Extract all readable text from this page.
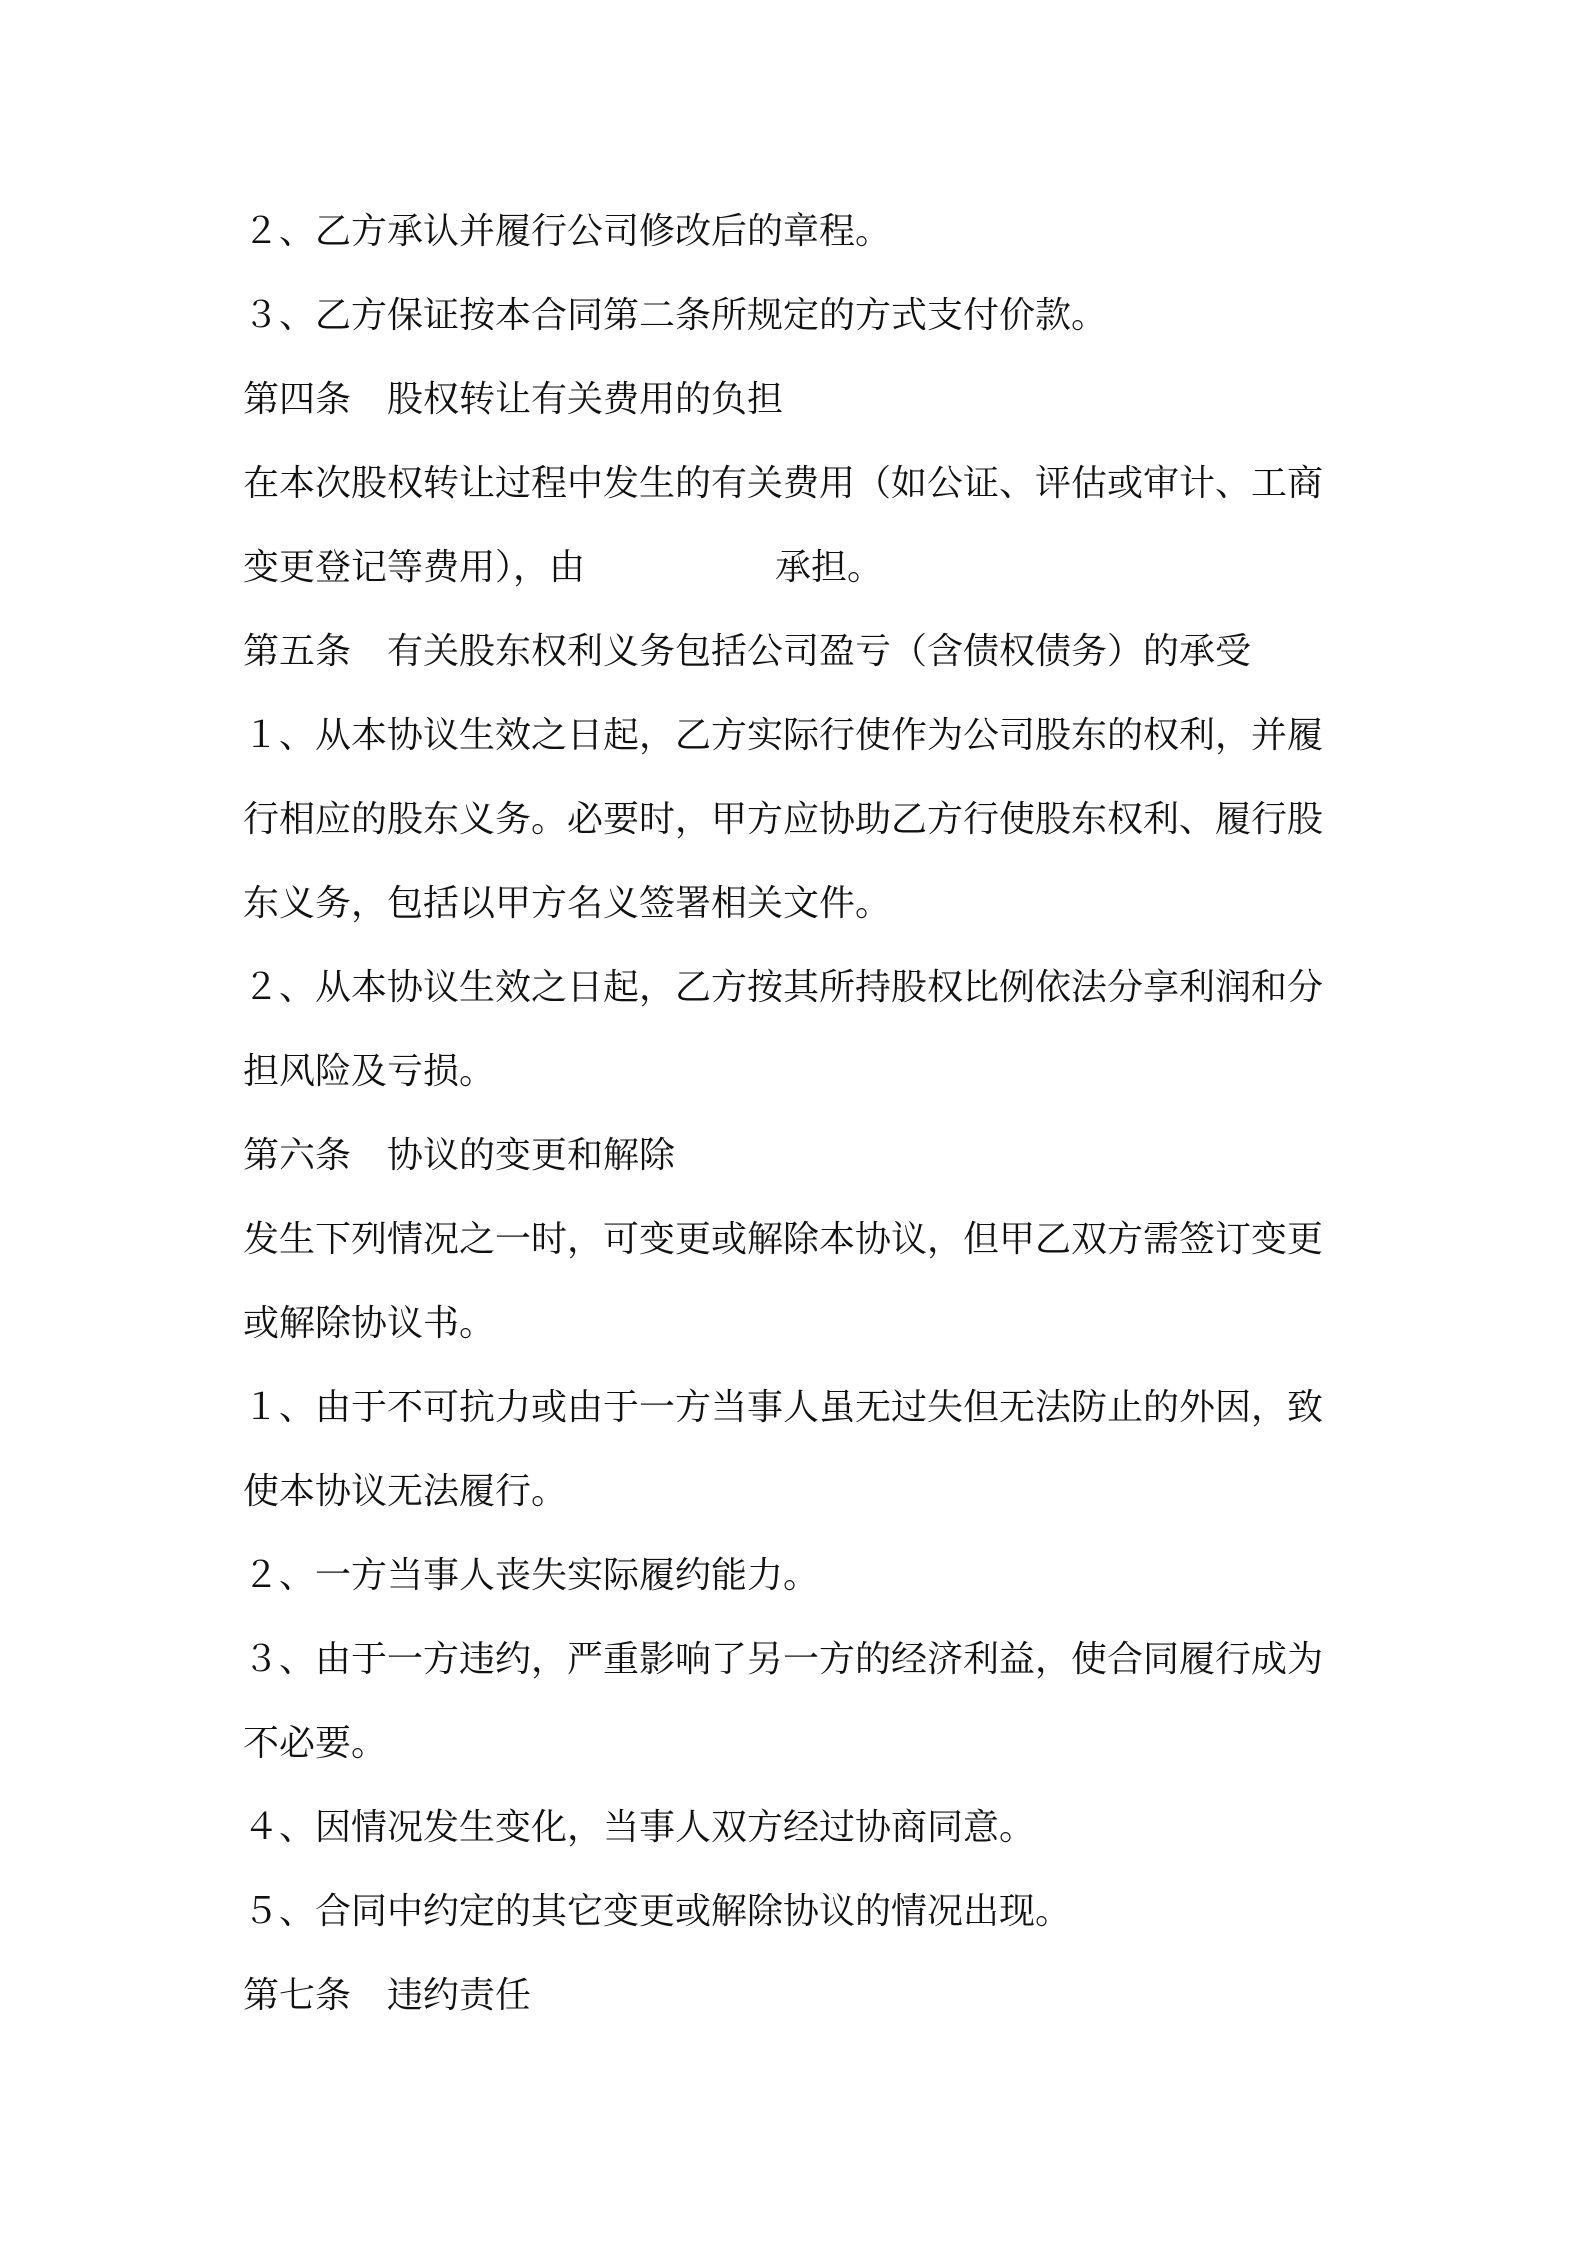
２、乙方承认并履行公司修改后的章程。
３、乙方保证按本合同第二条所规定的方式支付价款。
第四条 股权转让有关费用的负担
在本次股权转让过程中发生的有关费用（如公证、评估或审计、工商
变更登记等费用），由	承担。
第五条 有关股东权利义务包括公司盈亏（含债权债务）的承受
１、从本协议生效之日起，乙方实际行使作为公司股东的权利，并履
行相应的股东义务。必要时，甲方应协助乙方行使股东权利、履行股
东义务，包括以甲方名义签署相关文件。
２、从本协议生效之日起，乙方按其所持股权比例依法分享利润和分
担风险及亏损。
第六条 协议的变更和解除
发生下列情况之一时，可变更或解除本协议，但甲乙双方需签订变更
或解除协议书。
１、由于不可抗力或由于一方当事人虽无过失但无法防止的外因，致
使本协议无法履行。
２、一方当事人丧失实际履约能力。
３、由于一方违约，严重影响了另一方的经济利益，使合同履行成为
不必要。
４、因情况发生变化，当事人双方经过协商同意。
５、合同中约定的其它变更或解除协议的情况出现。
第七条 违约责任
